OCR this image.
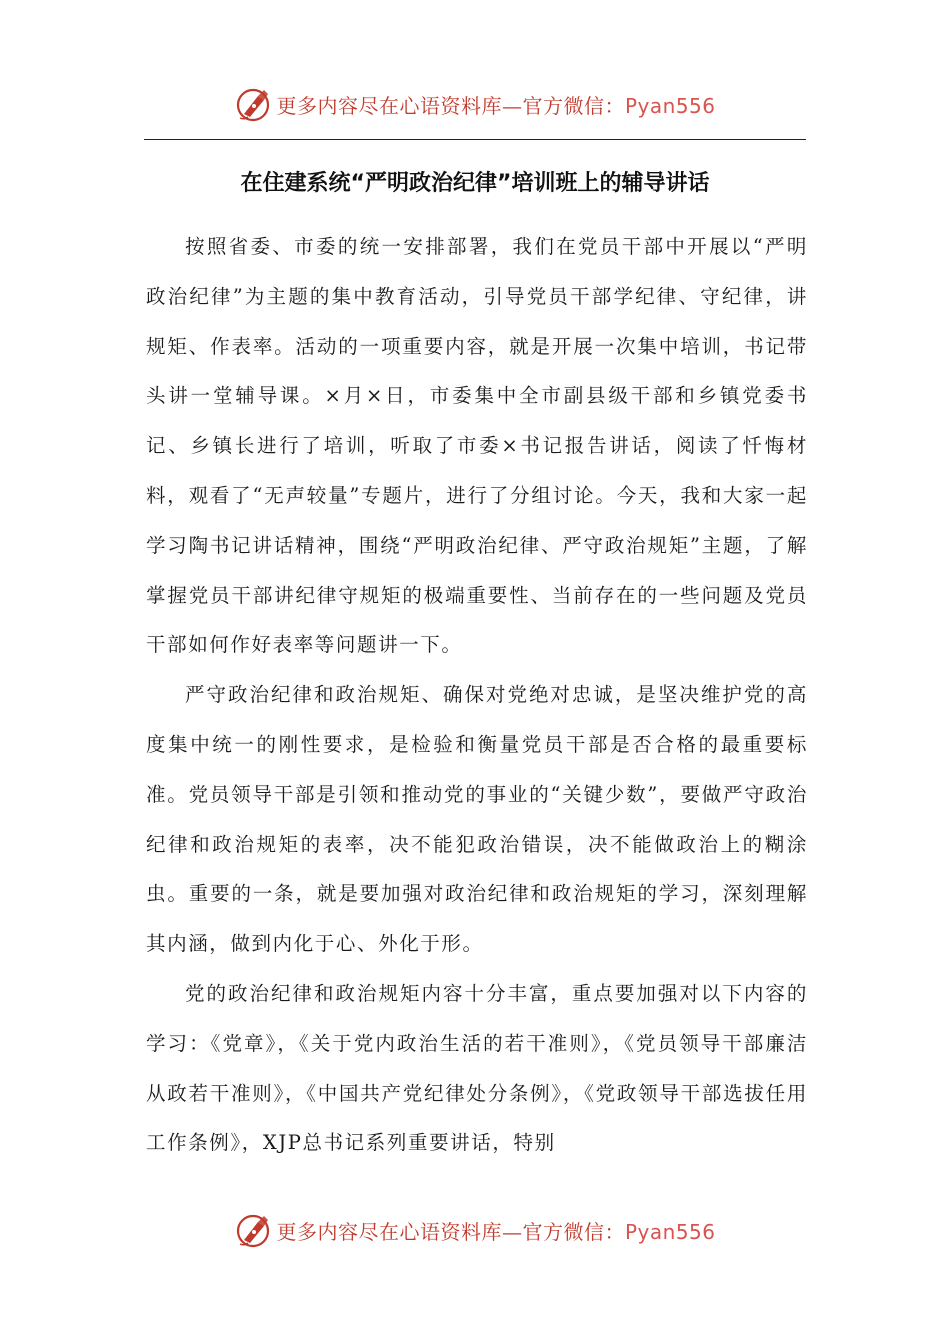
更多内容尽在心语资料库—官方微信：Pyan556
在住建系统“严明政治纪律”培训班上的辅导讲话

按照省委、市委的统一安排部署，我们在党员干部中开展以“严明政治纪律”为主题的集中教育活动，引导党员干部学纪律、守纪律，讲规矩、作表率。活动的一项重要内容，就是开展一次集中培训，书记带头讲一堂辅导课。×月×日，市委集中全市副县级干部和乡镇党委书记、乡镇长进行了培训，听取了市委×书记报告讲话，阅读了忏悔材料，观看了“无声较量”专题片，进行了分组讨论。今天，我和大家一起学习陶书记讲话精神，围绕“严明政治纪律、严守政治规矩”主题，了解掌握党员干部讲纪律守规矩的极端重要性、当前存在的一些问题及党员干部如何作好表率等问题讲一下。

严守政治纪律和政治规矩、确保对党绝对忠诚，是坚决维护党的高度集中统一的刚性要求，是检验和衡量党员干部是否合格的最重要标准。党员领导干部是引领和推动党的事业的“关键少数”，要做严守政治纪律和政治规矩的表率，决不能犯政治错误，决不能做政治上的糊涂虫。重要的一条，就是要加强对政治纪律和政治规矩的学习，深刻理解其内涵，做到内化于心、外化于形。

党的政治纪律和政治规矩内容十分丰富，重点要加强对以下内容的学习：《党章》，《关于党内政治生活的若干准则》，《党员领导干部廉洁从政若干准则》，《中国共产党纪律处分条例》，《党政领导干部选拔任用工作条例》，XJP总书记系列重要讲话，特别

更多内容尽在心语资料库—官方微信：Pyan556
